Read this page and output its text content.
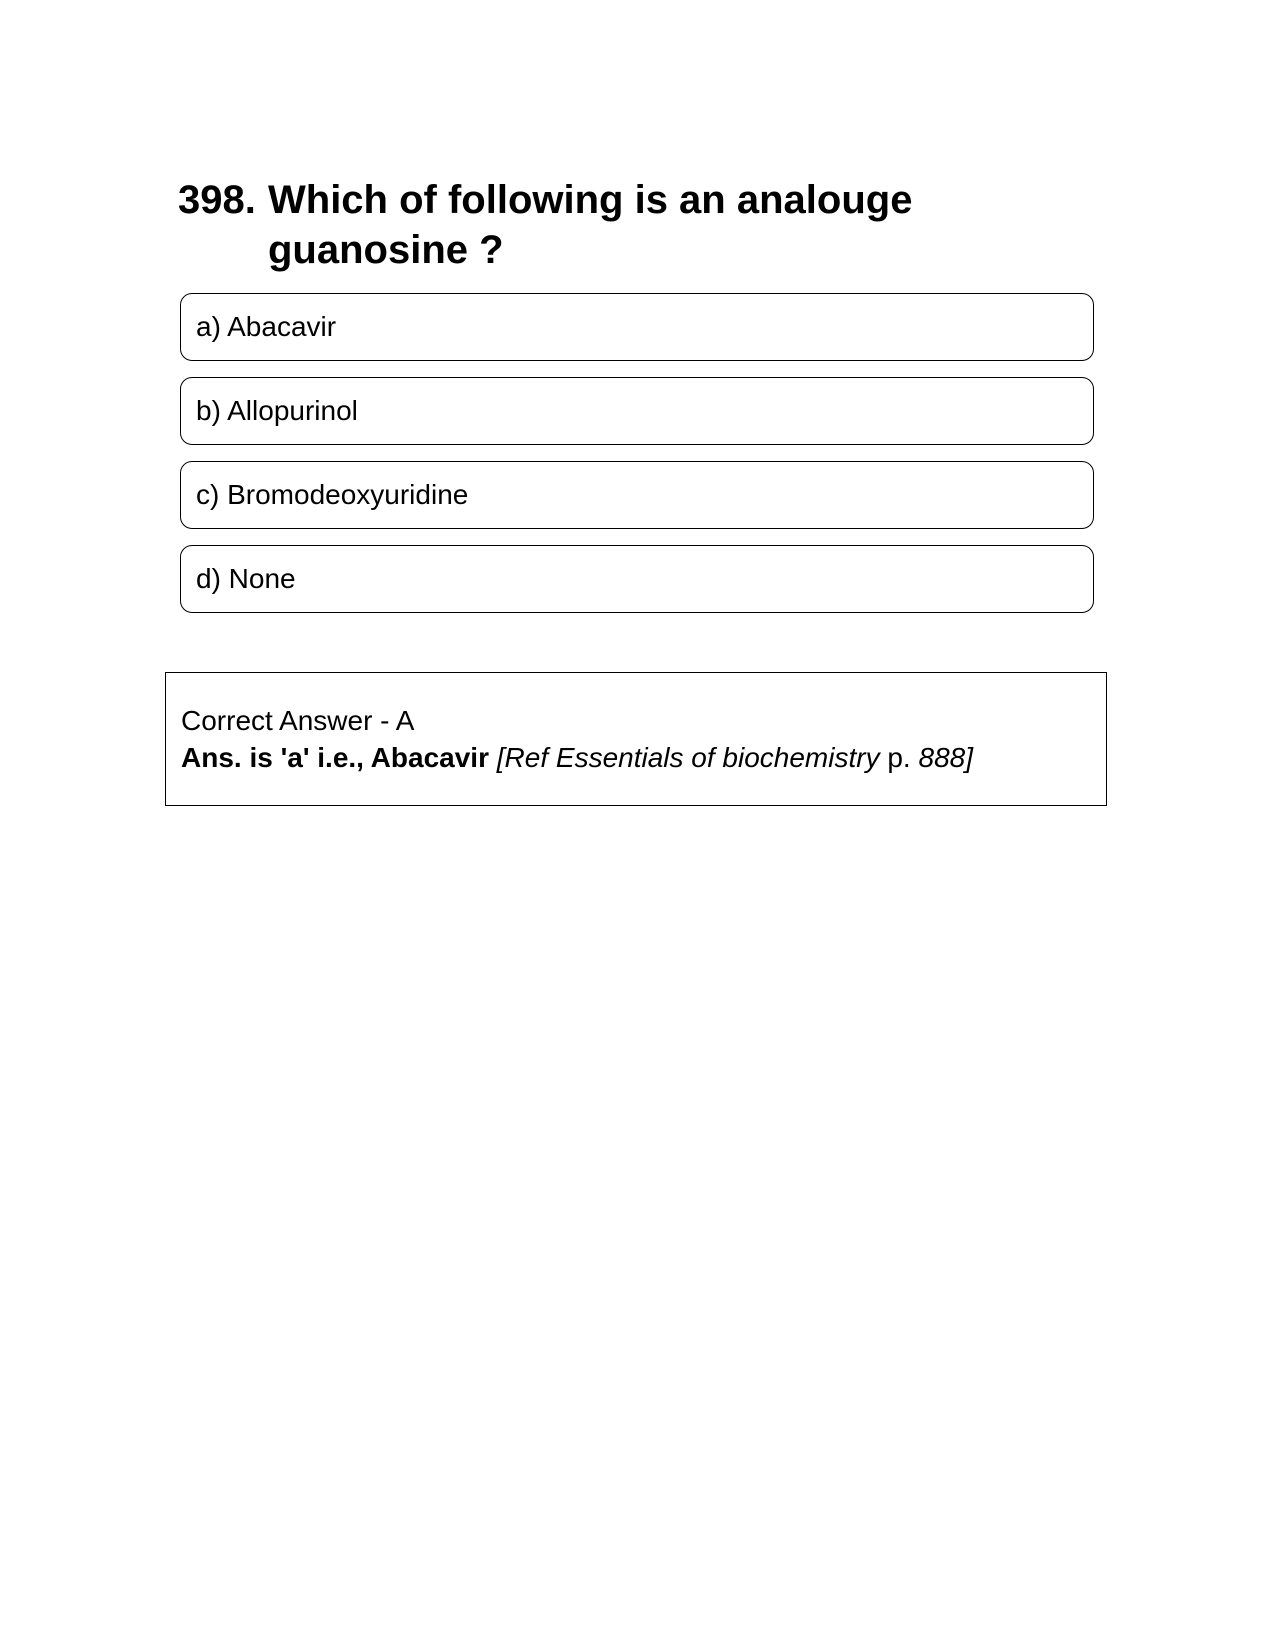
398. Which of following is an analouge guanosine ?
a) Abacavir
b) Allopurinol
c) Bromodeoxyuridine
d) None
Correct Answer - A
Ans. is 'a' i.e., Abacavir [Ref Essentials of biochemistry p. 888]
